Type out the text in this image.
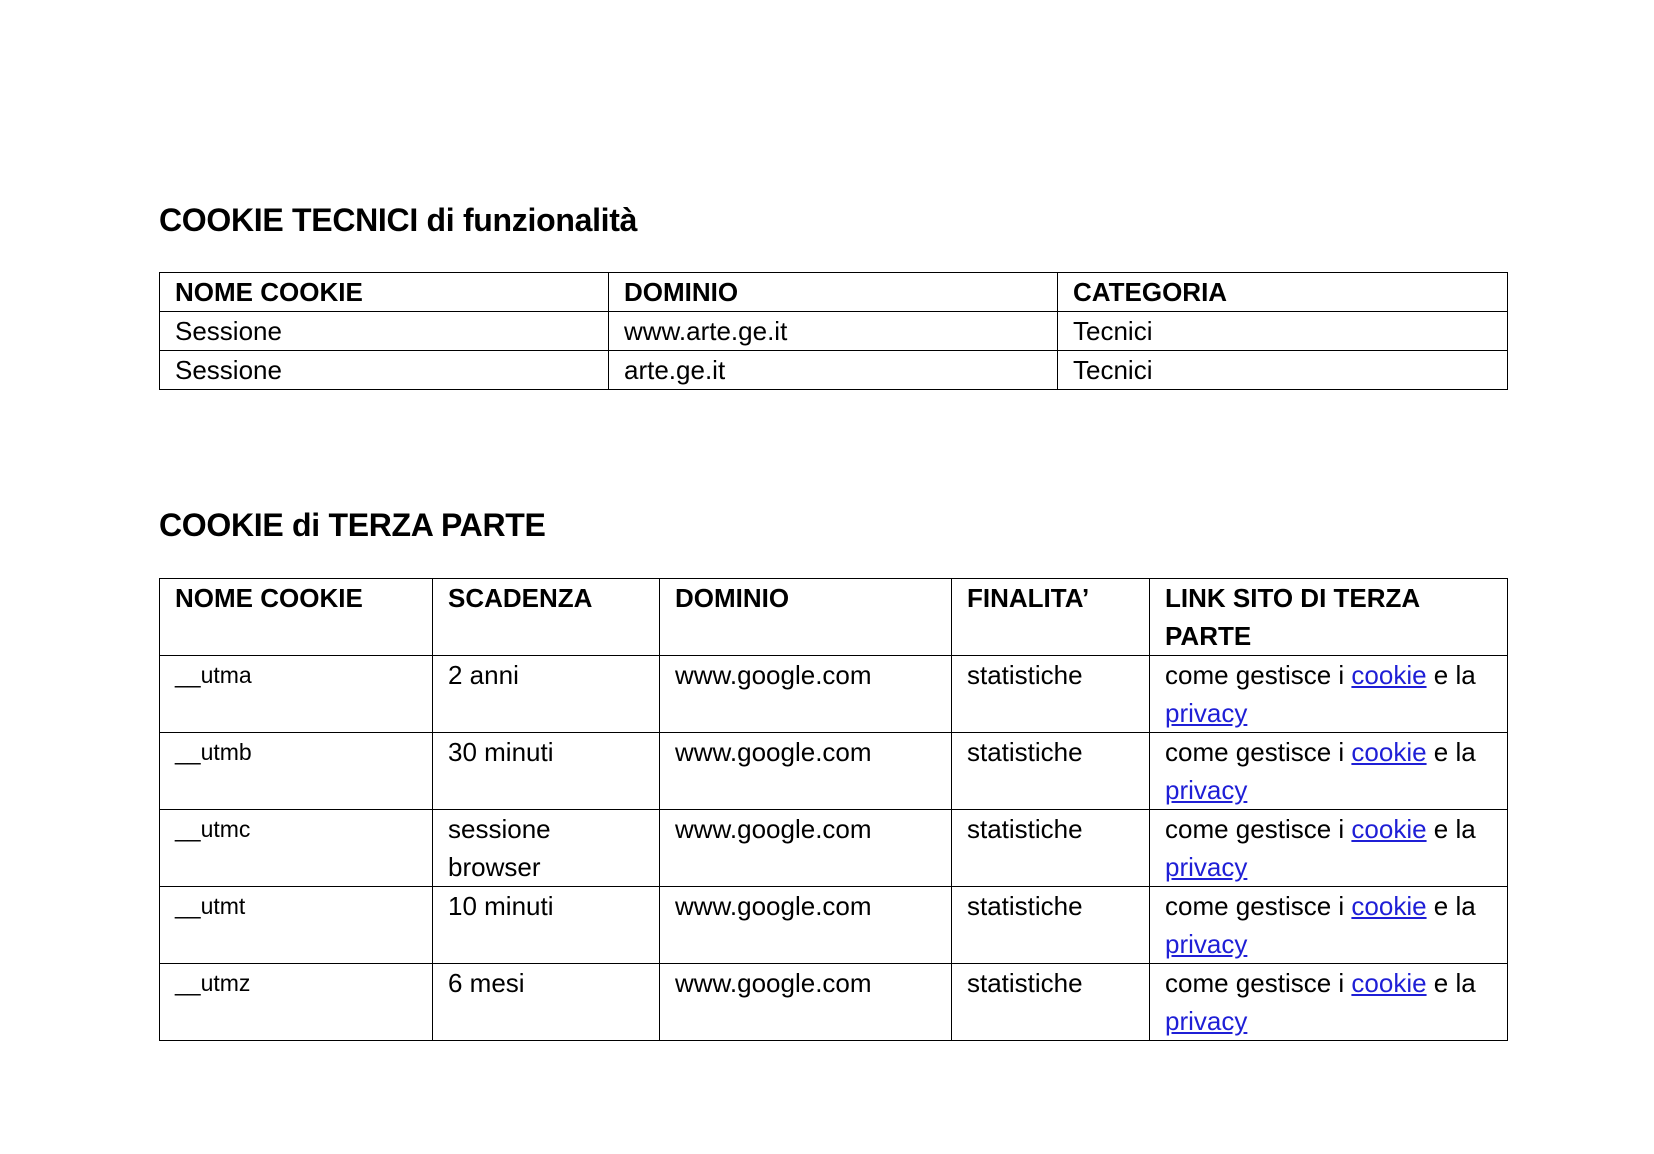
COOKIE TECNICI di funzionalità
NOME COOKIE	DOMINIO	CATEGORIA
Sessione	www.arte.ge.it	Tecnici
Sessione	arte.ge.it	Tecnici
COOKIE di TERZA PARTE
NOME COOKIE	SCADENZA	DOMINIO	FINALITA’	LINK SITO DI TERZA PARTE
__utma	2 anni	www.google.com	statistiche	come gestisce i cookie e la privacy
__utmb	30 minuti	www.google.com	statistiche	come gestisce i cookie e la privacy
__utmc	sessione browser	www.google.com	statistiche	come gestisce i cookie e la privacy
__utmt	10 minuti	www.google.com	statistiche	come gestisce i cookie e la privacy
__utmz	6 mesi	www.google.com	statistiche	come gestisce i cookie e la privacy
